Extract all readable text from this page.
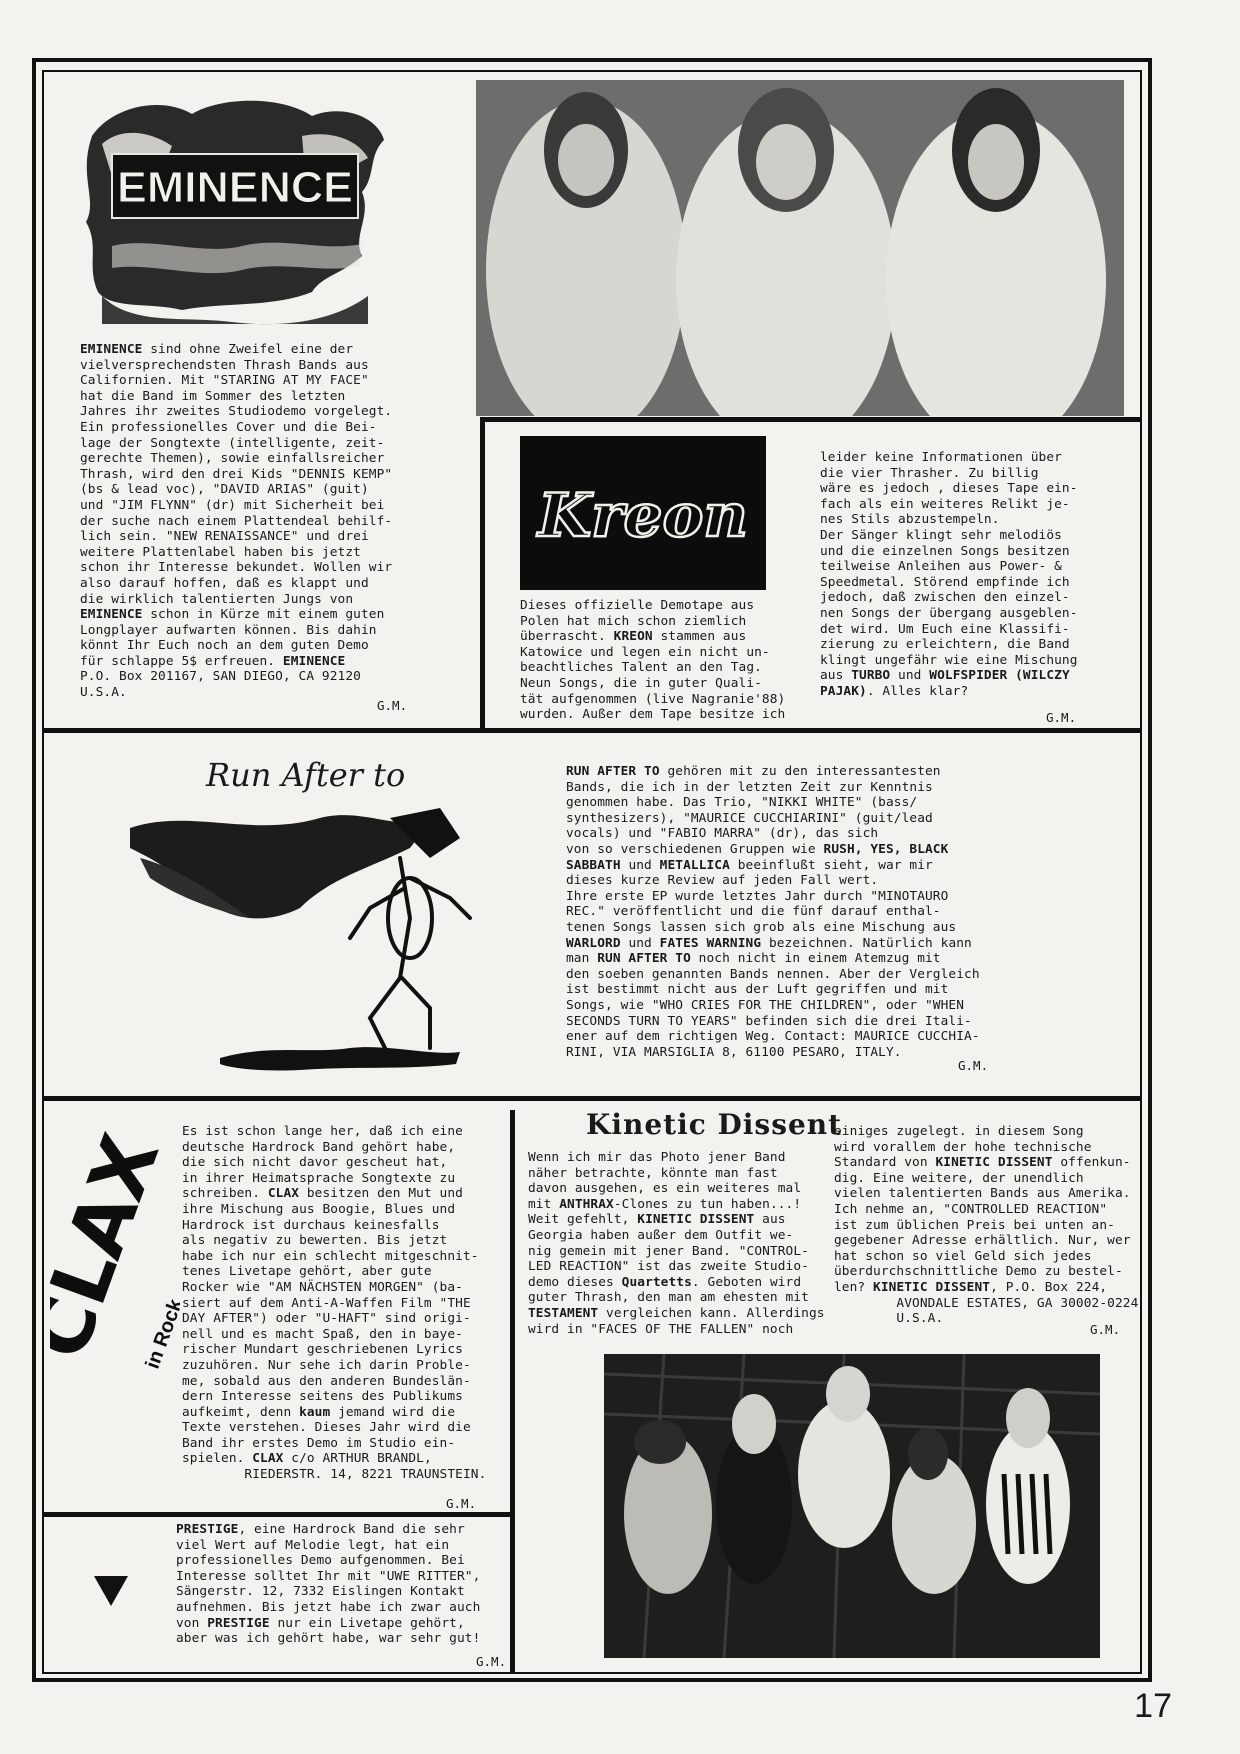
EMINENCE
EMINENCE sind ohne Zweifel eine der
vielversprechendsten Thrash Bands aus
Californien. Mit "STARING AT MY FACE"
hat die Band im Sommer des letzten
Jahres ihr zweites Studiodemo vorgelegt.
Ein professionelles Cover und die Bei-
lage der Songtexte (intelligente, zeit-
gerechte Themen), sowie einfallsreicher
Thrash, wird den drei Kids "DENNIS KEMP"
(bs & lead voc), "DAVID ARIAS" (guit)
und "JIM FLYNN" (dr) mit Sicherheit bei
der suche nach einem Plattendeal behilf-
lich sein. "NEW RENAISSANCE" und drei
weitere Plattenlabel haben bis jetzt
schon ihr Interesse bekundet. Wollen wir
also darauf hoffen, daß es klappt und
die wirklich talentierten Jungs von
EMINENCE schon in Kürze mit einem guten
Longplayer aufwarten können. Bis dahin
könnt Ihr Euch noch an dem guten Demo
für schlappe 5$ erfreuen. EMINENCE
P.O. Box 201167, SAN DIEGO, CA 92120
U.S.A.
G.M.
Kreon
Dieses offizielle Demotape aus
Polen hat mich schon ziemlich
überrascht. KREON stammen aus
Katowice und legen ein nicht un-
beachtliches Talent an den Tag.
Neun Songs, die in guter Quali-
tät aufgenommen (live Nagranie'88)
wurden. Außer dem Tape besitze ich
leider keine Informationen über
die vier Thrasher. Zu billig
wäre es jedoch , dieses Tape ein-
fach als ein weiteres Relikt je-
nes Stils abzustempeln.
Der Sänger klingt sehr melodiös
und die einzelnen Songs besitzen
teilweise Anleihen aus Power- &
Speedmetal. Störend empfinde ich
jedoch, daß zwischen den einzel-
nen Songs der übergang ausgeblen-
det wird. Um Euch eine Klassifi-
zierung zu erleichtern, die Band
klingt ungefähr wie eine Mischung
aus TURBO und WOLFSPIDER (WILCZY
PAJAK). Alles klar?
G.M.
Run After to	RUN AFTER TO gehören mit zu den interessantesten
Bands, die ich in der letzten Zeit zur Kenntnis
genommen habe. Das Trio, "NIKKI WHITE" (bass/
synthesizers), "MAURICE CUCCHIARINI" (guit/lead
vocals) und "FABIO MARRA" (dr), das sich
von so verschiedenen Gruppen wie RUSH, YES, BLACK
SABBATH und METALLICA beeinflußt sieht, war mir
dieses kurze Review auf jeden Fall wert.
Ihre erste EP wurde letztes Jahr durch "MINOTAURO
REC." veröffentlicht und die fünf darauf enthal-
tenen Songs lassen sich grob als eine Mischung aus
WARLORD und FATES WARNING bezeichnen. Natürlich kann
man RUN AFTER TO noch nicht in einem Atemzug mit
den soeben genannten Bands nennen. Aber der Vergleich
ist bestimmt nicht aus der Luft gegriffen und mit
Songs, wie "WHO CRIES FOR THE CHILDREN", oder "WHEN
SECONDS TURN TO YEARS" befinden sich die drei Itali-
ener auf dem richtigen Weg. Contact: MAURICE CUCCHIA-
RINI, VIA MARSIGLIA 8, 61100 PESARO, ITALY.
G.M.
CLAX
in Rock
Es ist schon lange her, daß ich eine
deutsche Hardrock Band gehört habe,
die sich nicht davor gescheut hat,
in ihrer Heimatsprache Songtexte zu
schreiben. CLAX besitzen den Mut und
ihre Mischung aus Boogie, Blues und
Hardrock ist durchaus keinesfalls
als negativ zu bewerten. Bis jetzt
habe ich nur ein schlecht mitgeschnit-
tenes Livetape gehört, aber gute
Rocker wie "AM NÄCHSTEN MORGEN" (ba-
siert auf dem Anti-A-Waffen Film "THE
DAY AFTER") oder "U-HAFT" sind origi-
nell und es macht Spaß, den in baye-
rischer Mundart geschriebenen Lyrics
zuzuhören. Nur sehe ich darin Proble-
me, sobald aus den anderen Bundeslän-
dern Interesse seitens des Publikums
aufkeimt, denn kaum jemand wird die
Texte verstehen. Dieses Jahr wird die
Band ihr erstes Demo im Studio ein-
spielen. CLAX c/o ARTHUR BRANDL,
RIEDERSTR. 14, 8221 TRAUNSTEIN.
G.M.
PRESTIGE, eine Hardrock Band die sehr
viel Wert auf Melodie legt, hat ein
professionelles Demo aufgenommen. Bei
Interesse solltet Ihr mit "UWE RITTER",
Sängerstr. 12, 7332 Eislingen Kontakt
aufnehmen. Bis jetzt habe ich zwar auch
von PRESTIGE nur ein Livetape gehört,
aber was ich gehört habe, war sehr gut!
G.M.
Kinetic Dissent
Wenn ich mir das Photo jener Band
näher betrachte, könnte man fast
davon ausgehen, es ein weiteres mal
mit ANTHRAX-Clones zu tun haben...!
Weit gefehlt, KINETIC DISSENT aus
Georgia haben außer dem Outfit we-
nig gemein mit jener Band. "CONTROL-
LED REACTION" ist das zweite Studio-
demo dieses Quartetts. Geboten wird
guter Thrash, den man am ehesten mit
TESTAMENT vergleichen kann. Allerdings
wird in "FACES OF THE FALLEN" noch
einiges zugelegt. in diesem Song
wird vorallem der hohe technische
Standard von KINETIC DISSENT offenkun-
dig. Eine weitere, der unendlich
vielen talentierten Bands aus Amerika.
Ich nehme an, "CONTROLLED REACTION"
ist zum üblichen Preis bei unten an-
gegebener Adresse erhältlich. Nur, wer
hat schon so viel Geld sich jedes
überdurchschnittliche Demo zu bestel-
len? KINETIC DISSENT, P.O. Box 224,
AVONDALE ESTATES, GA 30002-0224
U.S.A.
G.M.
17
